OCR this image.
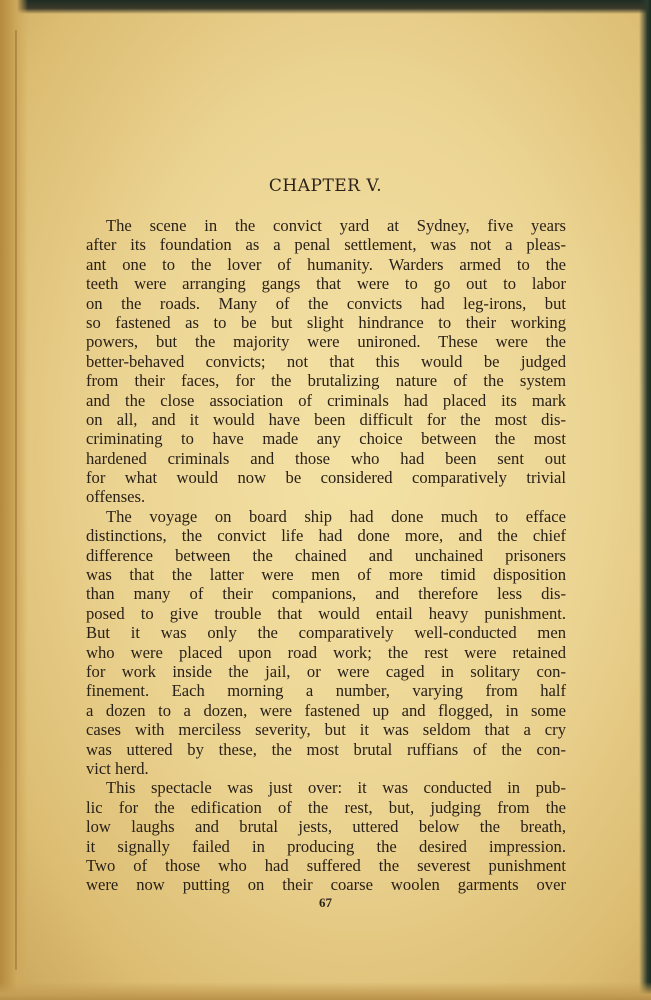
CHAPTER V.
The scene in the convict yard at Sydney, five years
after its foundation as a penal settlement, was not a pleas-
ant one to the lover of humanity. Warders armed to the
teeth were arranging gangs that were to go out to labor
on the roads. Many of the convicts had leg-irons, but
so fastened as to be but slight hindrance to their working
powers, but the majority were unironed. These were the
better-behaved convicts; not that this would be judged
from their faces, for the brutalizing nature of the system
and the close association of criminals had placed its mark
on all, and it would have been difficult for the most dis-
criminating to have made any choice between the most
hardened criminals and those who had been sent out
for what would now be considered comparatively trivial
offenses.
The voyage on board ship had done much to efface
distinctions, the convict life had done more, and the chief
difference between the chained and unchained prisoners
was that the latter were men of more timid disposition
than many of their companions, and therefore less dis-
posed to give trouble that would entail heavy punishment.
But it was only the comparatively well-conducted men
who were placed upon road work; the rest were retained
for work inside the jail, or were caged in solitary con-
finement. Each morning a number, varying from half
a dozen to a dozen, were fastened up and flogged, in some
cases with merciless severity, but it was seldom that a cry
was uttered by these, the most brutal ruffians of the con-
vict herd.
This spectacle was just over: it was conducted in pub-
lic for the edification of the rest, but, judging from the
low laughs and brutal jests, uttered below the breath,
it signally failed in producing the desired impression.
Two of those who had suffered the severest punishment
were now putting on their coarse woolen garments over
67
